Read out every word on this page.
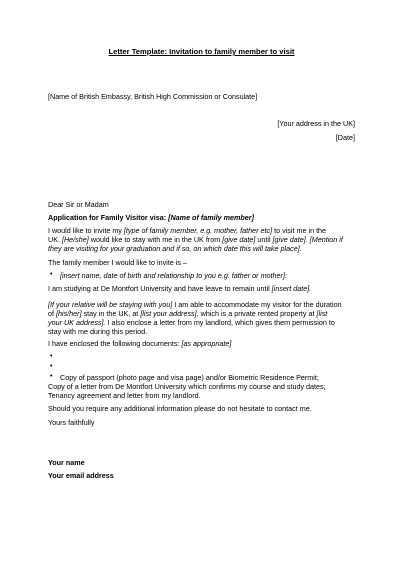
Letter Template: Invitation to family member to visit
[Name of British Embassy, British High Commission or Consulate]
[Your address in the UK]
[Date]
Dear Sir or Madam
Application for Family Visitor visa: [Name of family member]
I would like to invite my [type of family member, e.g. mother, father etc] to visit me in the
UK. [He/she] would like to stay with me in the UK from [give date] until [give date]. [Mention if
they are visiting for your graduation and if so, on which date this will take place].
The family member I would like to invite is –
•
[insert name, date of birth and relationship to you e.g. father or mother]:
I am studying at De Montfort University and have leave to remain until [insert date].
[If your relative will be staying with you] I am able to accommodate my visitor for the duration
of [his/her] stay in the UK, at [list your address], which is a private rented property at [list
your UK address]. I also enclose a letter from my landlord, which gives them permission to
stay with me during this period.
I have enclosed the following documents: [as appropriate]
•
•
•
Copy of passport (photo page and visa page) and/or Biometric Residence Permit;
Copy of a letter from De Montfort University which confirms my course and study dates;
Tenancy agreement and letter from my landlord.
Should you require any additional information please do not hesitate to contact me.
Yours faithfully
Your name
Your email address
